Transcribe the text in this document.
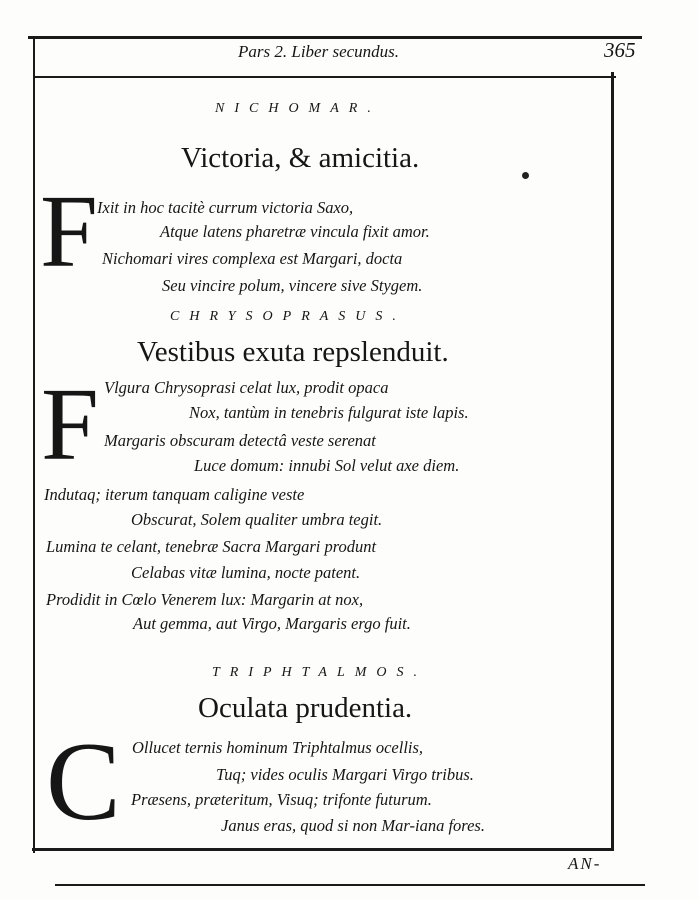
Pars 2. Liber secundus.	365
NICHOMAR.
Victoria, & amicitia.
F Ixit in hoc tacitè currum victoria Saxo,
Atque latens pharetræ vincula fixit amor.
Nichomari vires complexa est Margari, docta
Seu vincire polum, vincere sive Stygem.
CHRYSOPRASUS.
Vestibus exuta repslenduit.
F Vlgura Chrysoprasi celat lux, prodit opaca
Nox, tantùm in tenebris fulgurat iste lapis.
Margaris obscuram detectâ veste serenat
Luce domum: innubi Sol velut axe diem.
Indutaq; iterum tanquam caligine veste
Obscurat, Solem qualiter umbra tegit.
Lumina te celant, tenebræ Sacra Margari produnt
Celabas vitæ lumina, nocte patent.
Prodidit in Cœlo Venerem lux: Margarin at nox,
Aut gemma, aut Virgo, Margaris ergo fuit.
TRIPHTALMOS.
Oculata prudentia.
C Ollucet ternis hominum Triphtalmus ocellis,
Tuq; vides oculis Margari Virgo tribus.
Præsens, præteritum, Visuq; trifonte futurum.
Janus eras, quod si non Mar-iana fores.
AN-
